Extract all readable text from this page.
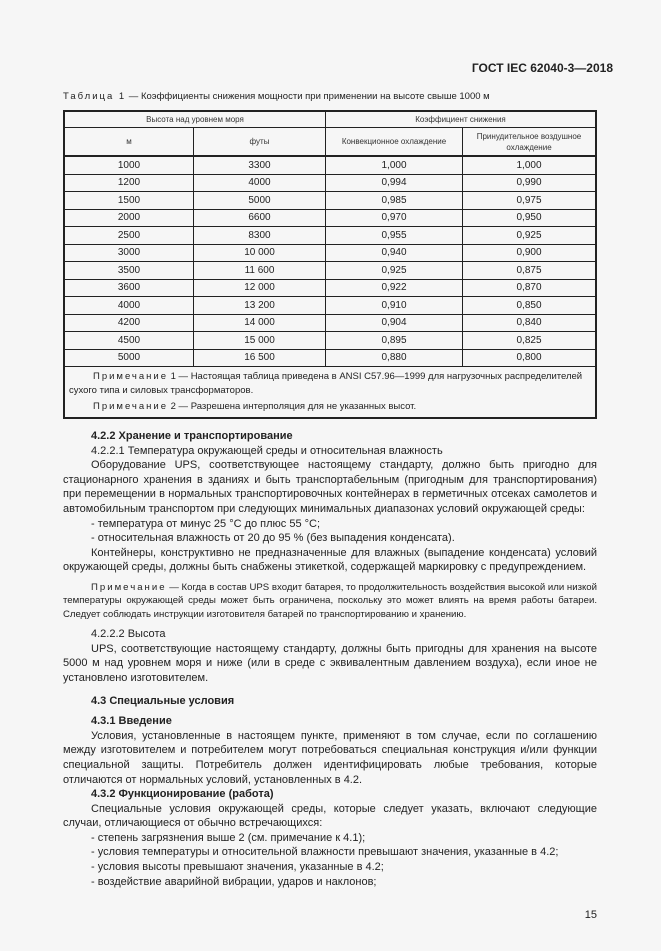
ГОСТ IEC 62040-3—2018
Таблица 1 — Коэффициенты снижения мощности при применении на высоте свыше 1000 м
Высота над уровнем моря		Коэффициент снижения	
м	футы	Конвекционное охлаждение	Принудительное воздушное охлаждение
1000	3300	1,000	1,000
1200	4000	0,994	0,990
1500	5000	0,985	0,975
2000	6600	0,970	0,950
2500	8300	0,955	0,925
3000	10 000	0,940	0,900
3500	11 600	0,925	0,875
3600	12 000	0,922	0,870
4000	13 200	0,910	0,850
4200	14 000	0,904	0,840
4500	15 000	0,895	0,825
5000	16 500	0,880	0,800

Примечание 1 — Настоящая таблица приведена в ANSI C57.96—1999 для нагрузочных распределителей сухого типа и силовых трансформаторов.

Примечание 2 — Разрешена интерполяция для не указанных высот.			

4.2.2 Хранение и транспортирование

4.2.2.1 Температура окружающей среды и относительная влажность

Оборудование UPS, соответствующее настоящему стандарту, должно быть пригодно для стационарного хранения в зданиях и быть транспортабельным (пригодным для транспортирования) при перемещении в нормальных транспортировочных контейнерах в герметичных отсеках самолетов и автомобильным транспортом при следующих минимальных диапазонах условий окружающей среды:

- температура от минус 25 °С до плюс 55 °С;

- относительная влажность от 20 до 95 % (без выпадения конденсата).

Контейнеры, конструктивно не предназначенные для влажных (выпадение конденсата) условий окружающей среды, должны быть снабжены этикеткой, содержащей маркировку с предупреждением.

Примечание — Когда в состав UPS входит батарея, то продолжительность воздействия высокой или низкой температуры окружающей среды может быть ограничена, поскольку это может влиять на время работы батареи. Следует соблюдать инструкции изготовителя батарей по транспортированию и хранению.

4.2.2.2 Высота

UPS, соответствующие настоящему стандарту, должны быть пригодны для хранения на высоте 5000 м над уровнем моря и ниже (или в среде с эквивалентным давлением воздуха), если иное не установлено изготовителем.

4.3 Специальные условия

4.3.1 Введение

Условия, установленные в настоящем пункте, применяют в том случае, если по соглашению между изготовителем и потребителем могут потребоваться специальная конструкция и/или функции специальной защиты. Потребитель должен идентифицировать любые требования, которые отличаются от нормальных условий, установленных в 4.2.

4.3.2 Функционирование (работа)

Специальные условия окружающей среды, которые следует указать, включают следующие случаи, отличающиеся от обычно встречающихся:

- степень загрязнения выше 2 (см. примечание к 4.1);

- условия температуры и относительной влажности превышают значения, указанные в 4.2;

- условия высоты превышают значения, указанные в 4.2;

- воздействие аварийной вибрации, ударов и наклонов;

15
